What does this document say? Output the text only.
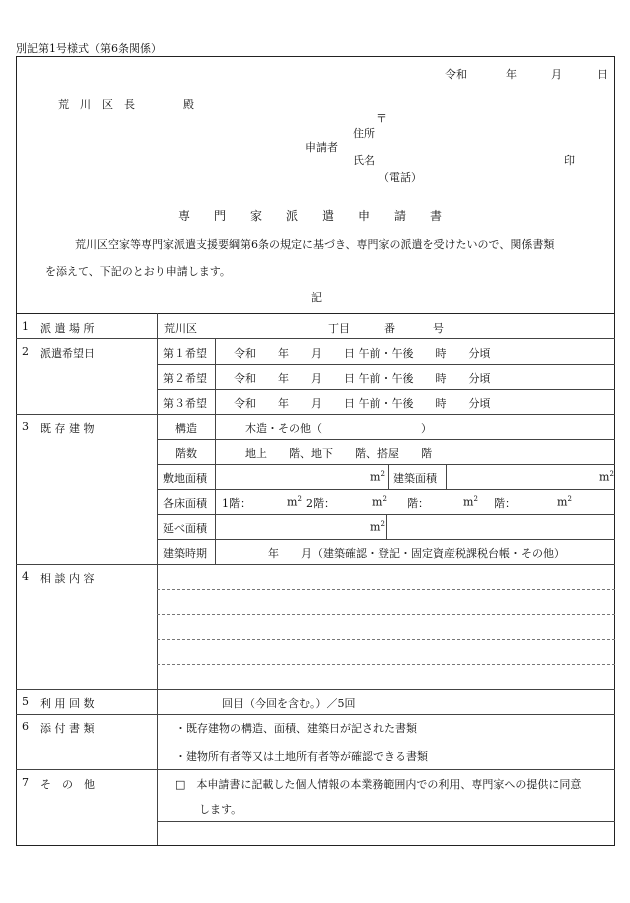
別記第1号様式（第6条関係）
令和	年	月	日
荒　川　区　長	殿
〒
住所
申請者
氏名	印
（電話）
専　　門　　家　　派　　遣　　申　　請　　書
荒川区空家等専門家派遣支援要綱第6条の規定に基づき、専門家の派遣を受けたいので、関係書類
を添えて、下記のとおり申請します。
記
1 派 遣 場 所	荒川区	丁目	番	号
2 派遣希望日	第１希望 令和　　年　　月　　日 午前・午後　　時　　分頃
第２希望 令和　　年　　月　　日 午前・午後　　時　　分頃
第３希望 令和　　年　　月　　日 午前・午後　　時　　分頃
3 既 存 建 物	構造	木造・その他（　　　　　　　　　）
階数	地上　　階、地下　　階、搭屋　　階
敷地面積	$m^2$ 建築面積	$m^2$
各床面積 1階：	$m^2$ 2階：	$m^2$ 階：	$m^2$ 階：	$m^2$
延べ面積	$m^2$
建築時期	年　　月（建築確認・登記・固定資産税課税台帳・その他）
4 相 談 内 容
5 利 用 回 数	回目（今回を含む。）／5回
6 添 付 書 類	・既存建物の構造、面積、建築日が記された書類
・建物所有者等又は土地所有者等が確認できる書類
7 そ　の　他	□　本申請書に記載した個人情報の本業務範囲内での利用、専門家への提供に同意
します。
